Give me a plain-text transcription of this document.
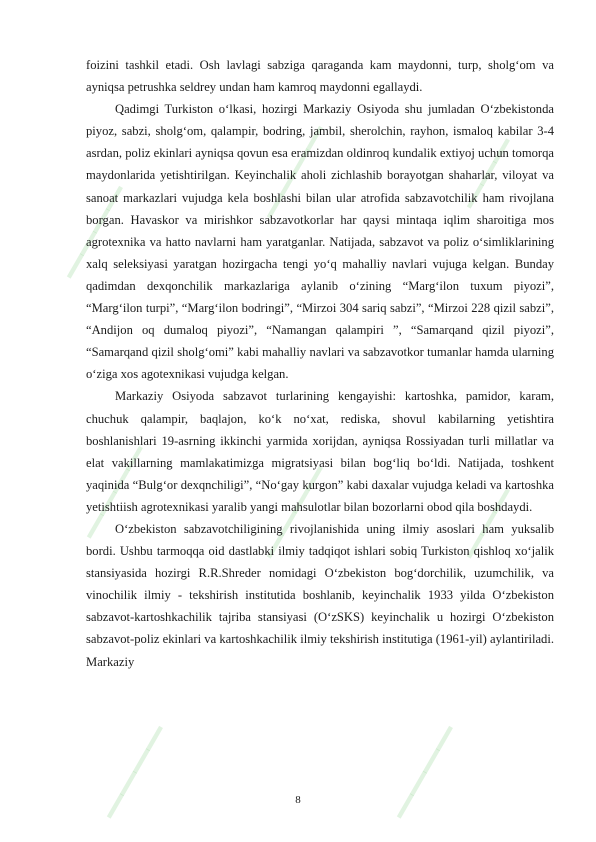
⎯⎯⎯⎯
⎯⎯⎯⎯ ⎯⎯⎯
⎯⎯⎯⎯ ⎯⎯⎯⎯ ⎯⎯⎯
⎯⎯⎯⎯	⎯⎯⎯⎯

foizini tashkil etadi. Osh lavlagi sabziga qaraganda kam maydonni, turp, sholg‘om va ayniqsa petrushka seldrey undan ham kamroq maydonni egallaydi.

Qadimgi Turkiston o‘lkasi, hozirgi Markaziy Osiyoda shu jumladan O‘zbekistonda piyoz, sabzi, sholg‘om, qalampir, bodring, jambil, sherolchin, rayhon, ismaloq kabilar 3-4 asrdan, poliz ekinlari ayniqsa qovun esa eramizdan oldinroq kundalik extiyoj uchun tomorqa maydonlarida yetishtirilgan. Keyinchalik aholi zichlashib borayotgan shaharlar, viloyat va sanoat markazlari vujudga kela boshlashi bilan ular atrofida sabzavotchilik ham rivojlana borgan. Havaskor va mirishkor sabzavotkorlar har qaysi mintaqa iqlim sharoitiga mos agrotexnika va hatto navlarni ham yaratganlar. Natijada, sabzavot va poliz o‘simliklarining xalq seleksiyasi yaratgan hozirgacha tengi yo‘q mahalliy navlari vujuga kelgan. Bunday qadimdan dexqonchilik markazlariga aylanib o‘zining “Marg‘ilon tuxum piyozi”, “Marg‘ilon turpi”, “Marg‘ilon bodringi”, “Mirzoi 304 sariq sabzi”, “Mirzoi 228 qizil sabzi”, “Andijon oq dumaloq piyozi”, “Namangan qalampiri ”, “Samarqand qizil piyozi”, “Samarqand qizil sholg‘omi” kabi mahalliy navlari va sabzavotkor tumanlar hamda ularning o‘ziga xos agotexnikasi vujudga kelgan.

Markaziy Osiyoda sabzavot turlarining kengayishi: kartoshka, pamidor, karam, chuchuk qalampir, baqlajon, ko‘k no‘xat, rediska, shovul kabilarning yetishtira boshlanishlari 19-asrning ikkinchi yarmida xorijdan, ayniqsa Rossiyadan turli millatlar va elat vakillarning mamlakatimizga migratsiyasi bilan bog‘liq bo‘ldi. Natijada, toshkent yaqinida “Bulg‘or dexqnchiligi”, “No‘gay kurgon” kabi daxalar vujudga keladi va kartoshka yetishtiish agrotexnikasi yaralib yangi mahsulotlar bilan bozorlarni obod qila boshdaydi.

O‘zbekiston sabzavotchiligining rivojlanishida uning ilmiy asoslari ham yuksalib bordi. Ushbu tarmoqqa oid dastlabki ilmiy tadqiqot ishlari sobiq Turkiston qishloq xo‘jalik stansiyasida hozirgi R.R.Shreder nomidagi O‘zbekiston bog‘dorchilik, uzumchilik, va vinochilik ilmiy - tekshirish institutida boshlanib, keyinchalik 1933 yilda O‘zbekiston sabzavot-kartoshkachilik tajriba stansiyasi (O‘zSKS) keyinchalik u hozirgi O‘zbekiston sabzavot-poliz ekinlari va kartoshkachilik ilmiy tekshirish institutiga (1961-yil) aylantiriladi. Markaziy

8
